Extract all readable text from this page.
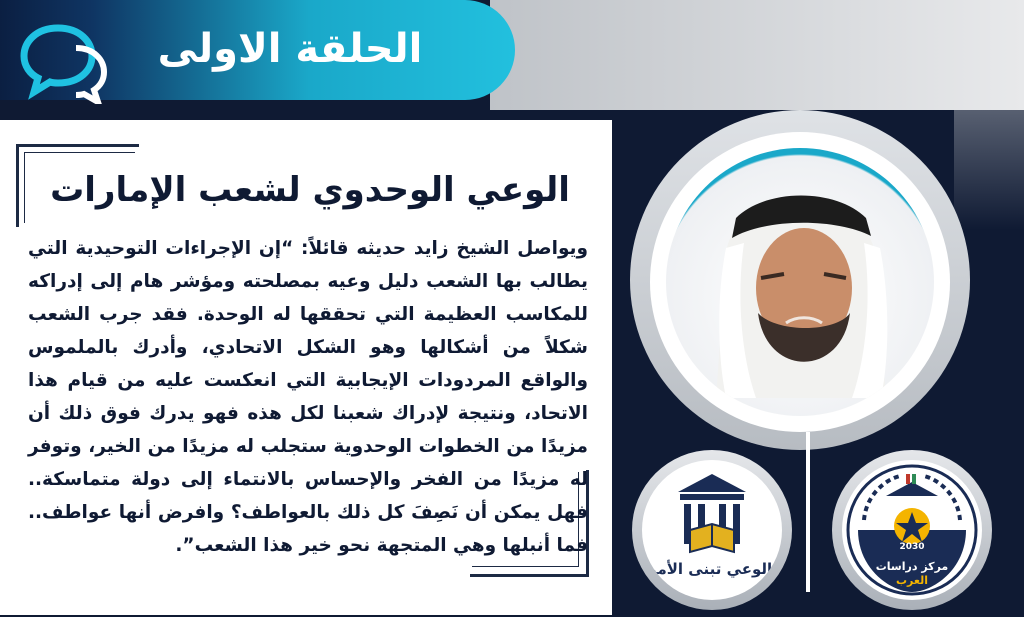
الحلقة الاولى
الوعي الوحدوي لشعب الإمارات
ويواصل الشيخ زايد حديثه قائلاً: “إن الإجراءات التوحيدية التي يطالب بها الشعب دليل وعيه بمصلحته ومؤشر هام إلى إدراكه للمكاسب العظيمة التي تحققها له الوحدة. فقد جرب الشعب شكلاً من أشكالها وهو الشكل الاتحادي، وأدرك بالملموس والواقع المردودات الإيجابية التي انعكست عليه من قيام هذا الاتحاد، ونتيجة لإدراك شعبنا لكل هذه فهو يدرك فوق ذلك أن مزيدًا من الخطوات الوحدوية ستجلب له مزيدًا من الخير، وتوفر له مزيدًا من الفخر والإحساس بالانتماء إلى دولة متماسكة.. فهل يمكن أن نَصِفَ كل ذلك بالعواطف؟ وافرض أنها عواطف.. فما أنبلها وهي المتجهة نحو خير هذا الشعب”.
بالوعي تبنى الأمم
2030
مركز دراسات
العرب
